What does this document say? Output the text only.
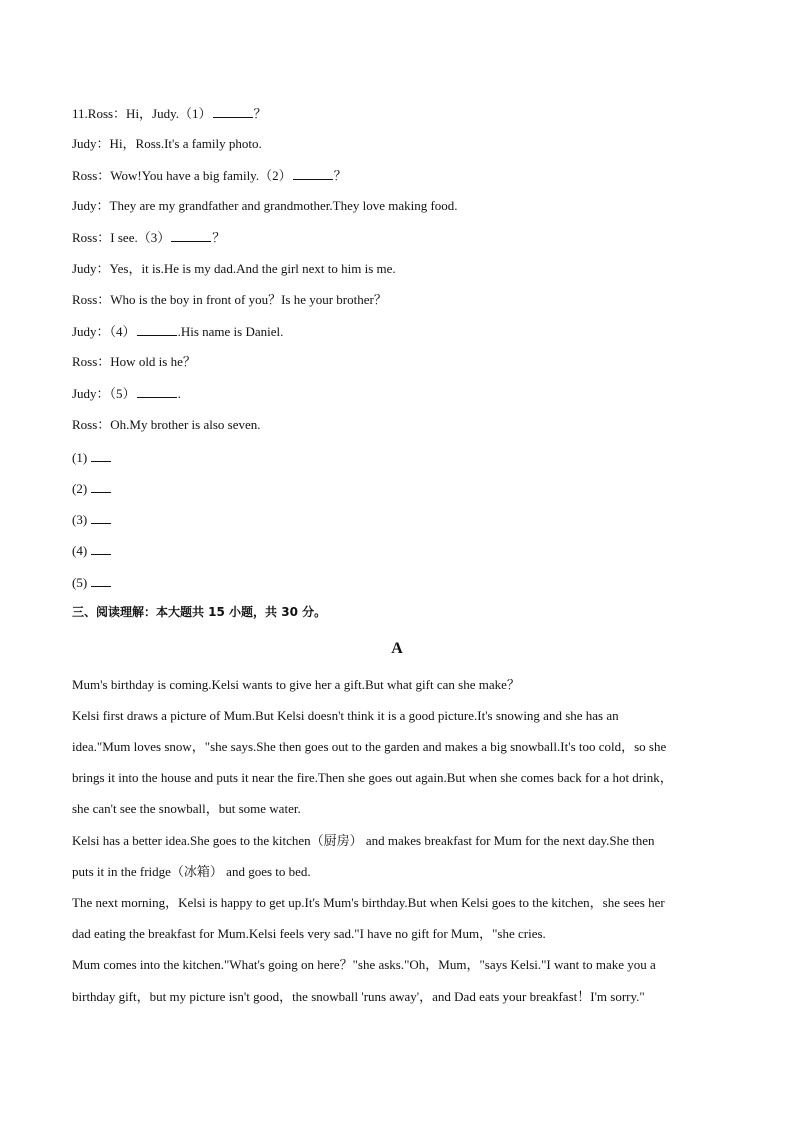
11.Ross：Hi，Judy.（1）	？
Judy：Hi，Ross.It's a family photo.
Ross：Wow!You have a big family.（2）	？
Judy：They are my grandfather and grandmother.They love making food.
Ross：I see.（3）	？
Judy：Yes，it is.He is my dad.And the girl next to him is me.
Ross：Who is the boy in front of you？Is he your brother？
Judy：（4）	.His name is Daniel.
Ross：How old is he？
Judy：（5）	.
Ross：Oh.My brother is also seven.
(1)
(2)
(3)
(4)
(5)
三、阅读理解：本大题共 15 小题，共 30 分。
A
Mum's birthday is coming.Kelsi wants to give her a gift.But what gift can she make？
Kelsi first draws a picture of Mum.But Kelsi doesn't think it is a good picture.It's snowing and she has an
idea."Mum loves snow，"she says.She then goes out to the garden and makes a big snowball.It's too cold，so she
brings it into the house and puts it near the fire.Then she goes out again.But when she comes back for a hot drink，
she can't see the snowball，but some water.
Kelsi has a better idea.She goes to the kitchen（厨房） and makes breakfast for Mum for the next day.She then
puts it in the fridge（冰箱） and goes to bed.
The next morning，Kelsi is happy to get up.It's Mum's birthday.But when Kelsi goes to the kitchen，she sees her
dad eating the breakfast for Mum.Kelsi feels very sad."I have no gift for Mum，"she cries.
Mum comes into the kitchen."What's going on here？"she asks."Oh，Mum，"says Kelsi."I want to make you a
birthday gift，but my picture isn't good，the snowball 'runs away'，and Dad eats your breakfast！I'm sorry."
